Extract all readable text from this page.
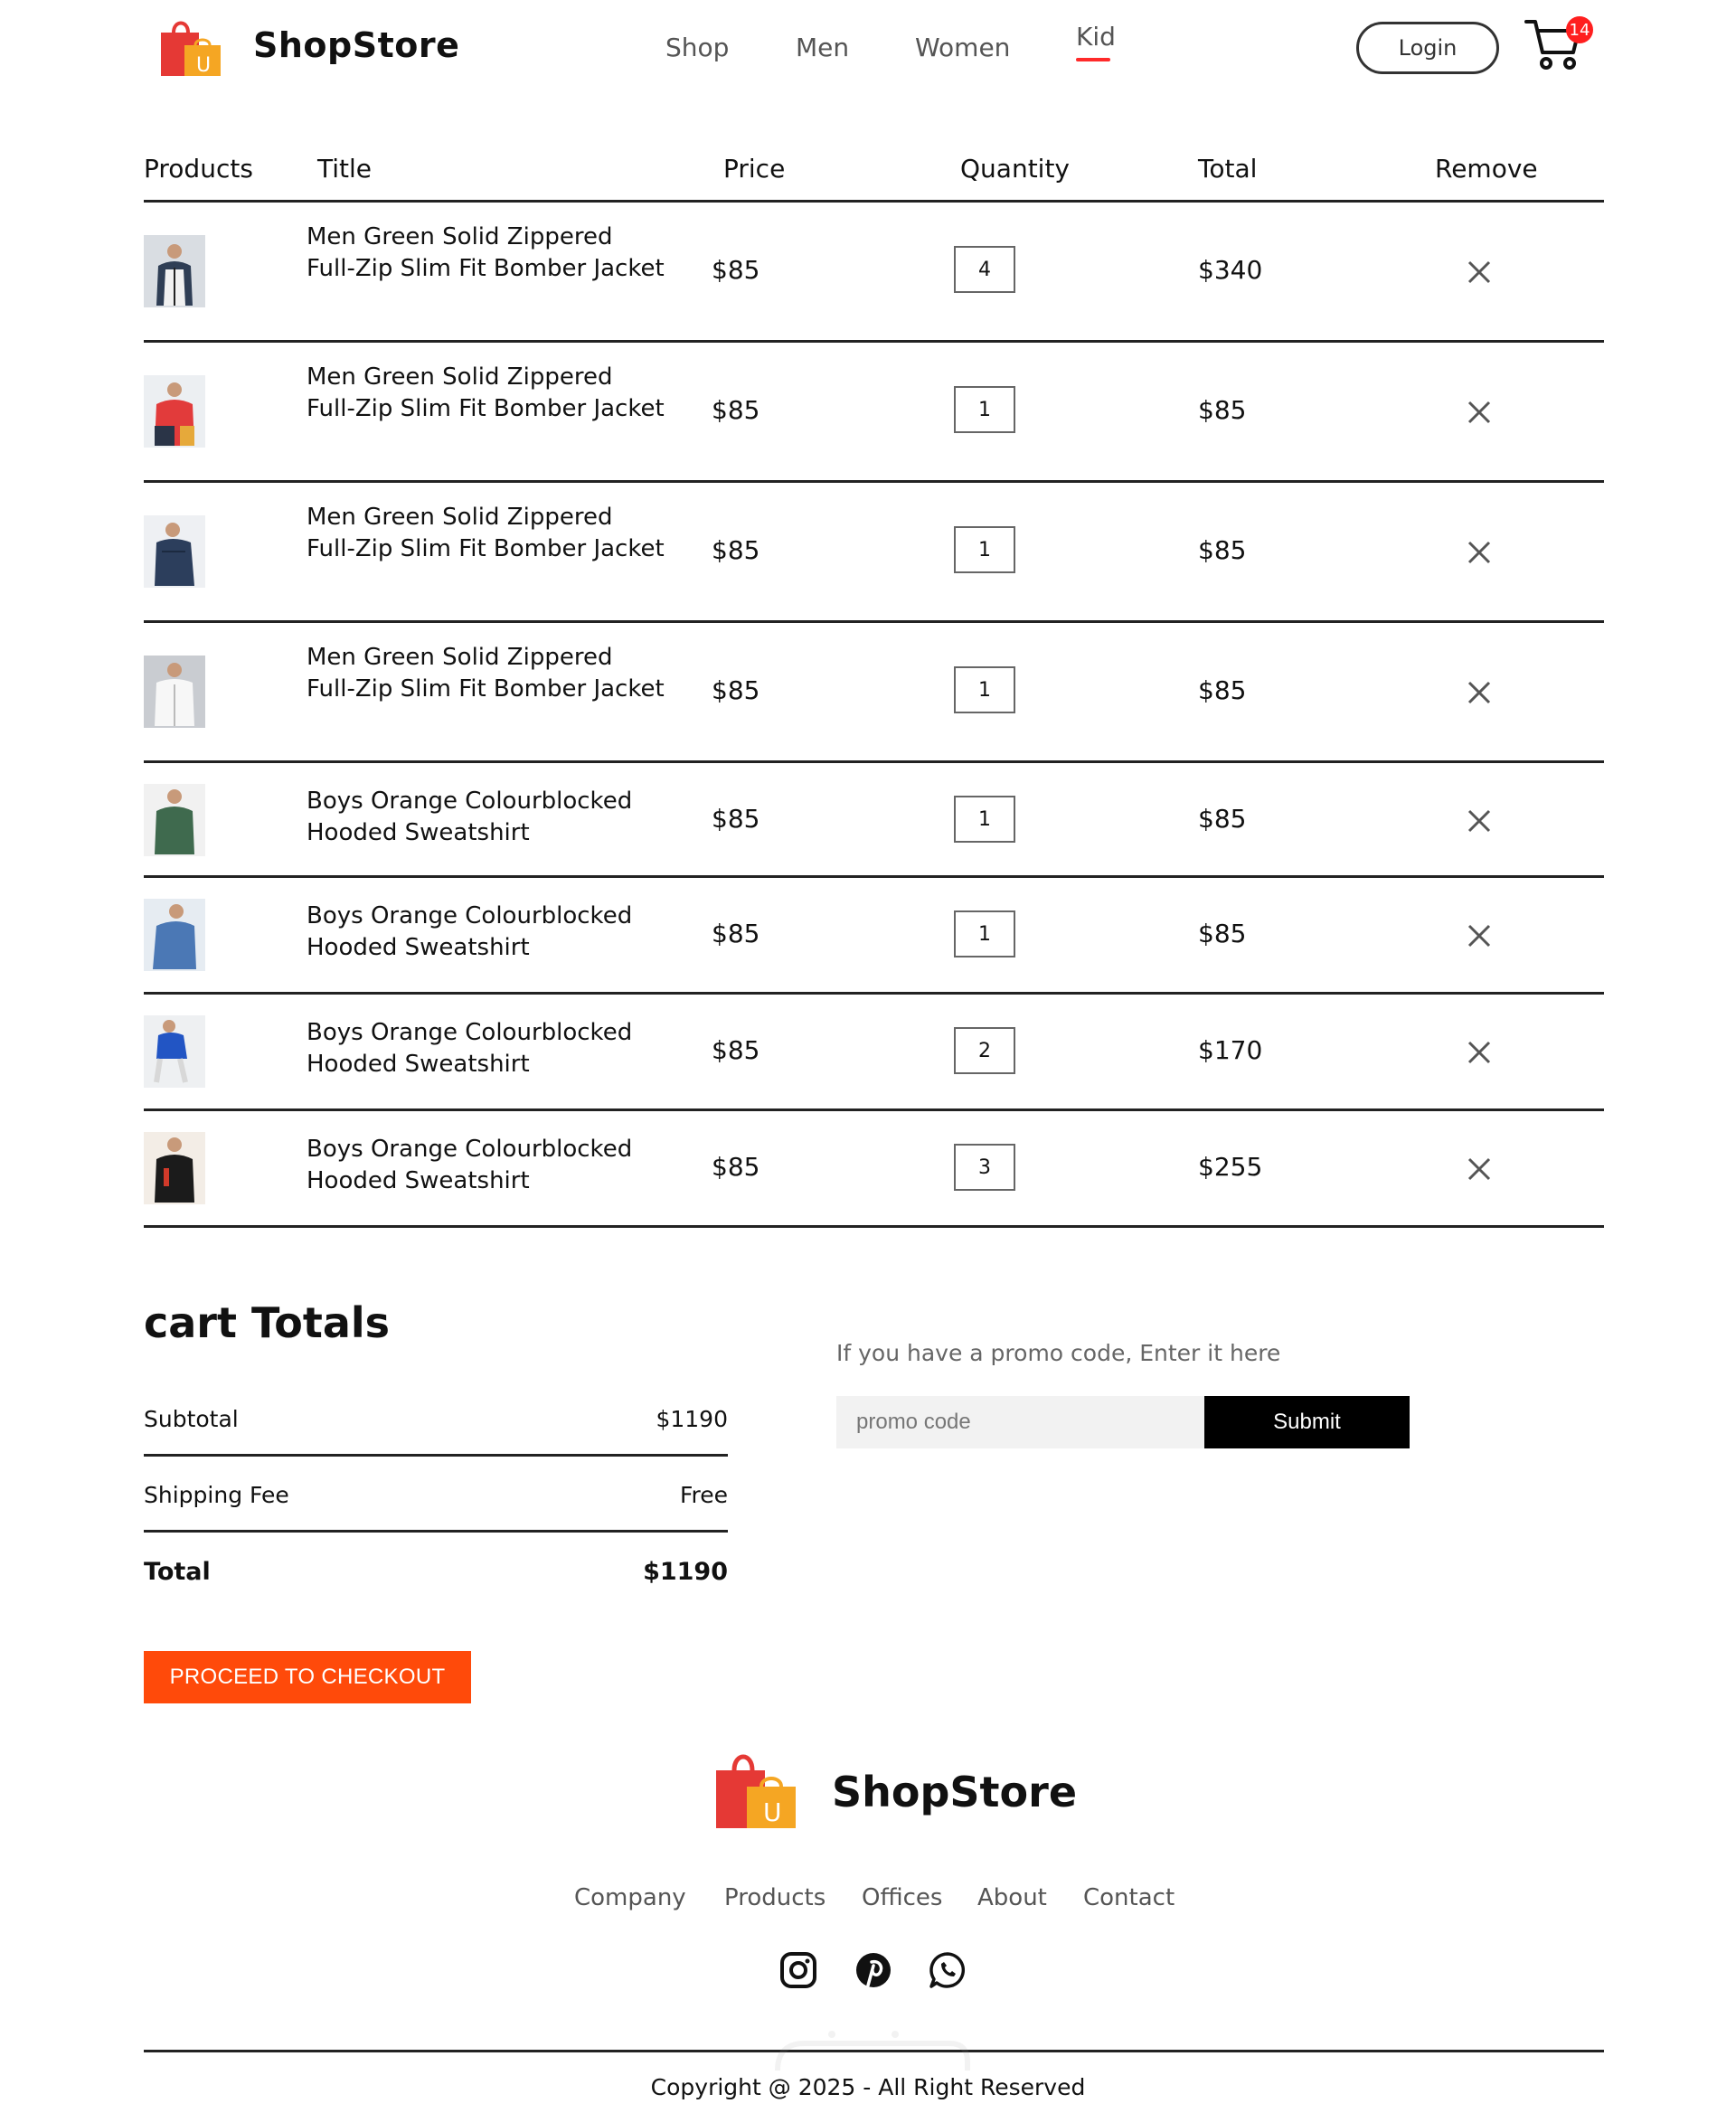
U
ShopStore	Shop	Men	Women	Kid	Login
14
Products	Title	Price	Quantity	Total	Remove
Men Green Solid Zippered Full-Zip Slim Fit Bomber Jacket $85	4	$340
Men Green Solid Zippered Full-Zip Slim Fit Bomber Jacket $85	1	$85
Men Green Solid Zippered Full-Zip Slim Fit Bomber Jacket $85	1	$85
Men Green Solid Zippered Full-Zip Slim Fit Bomber Jacket $85	1	$85
Boys Orange Colourblocked Hooded Sweatshirt	$85	1	$85
Boys Orange Colourblocked Hooded Sweatshirt	$85	1	$85
Boys Orange Colourblocked Hooded Sweatshirt	$85	2	$170
Boys Orange Colourblocked Hooded Sweatshirt	$85	3	$255
cart Totals
Subtotal	$1190
Shipping Fee	Free
Total	$1190
PROCEED TO CHECKOUT
If you have a promo code, Enter it here
promo code
Submit
U ShopStore
Company Products Offices About Contact
Copyright @ 2025 - All Right Reserved
